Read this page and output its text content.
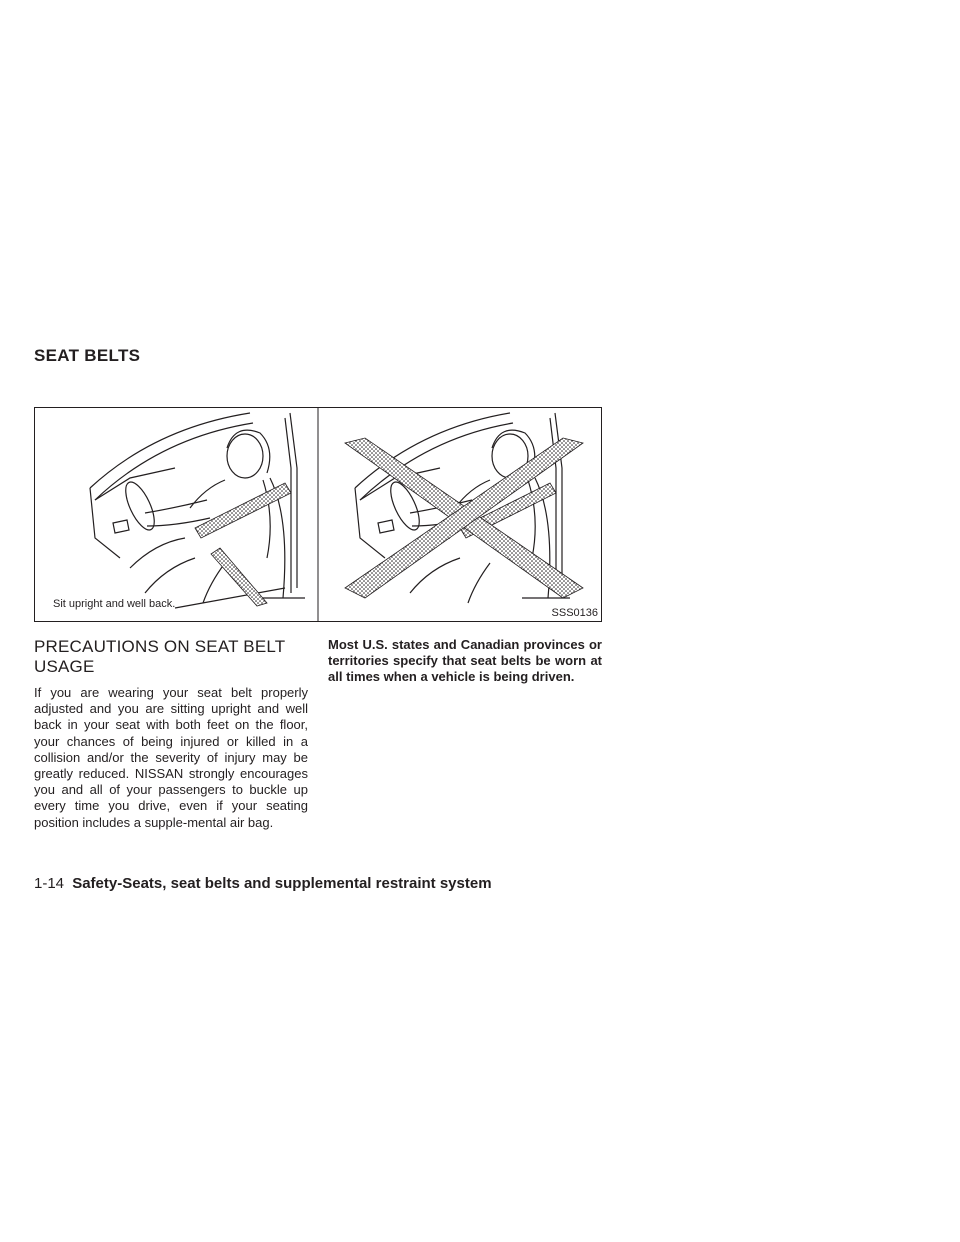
SEAT BELTS
Sit upright and well back.
SSS0136
PRECAUTIONS ON SEAT BELT USAGE

If you are wearing your seat belt properly adjusted and you are sitting upright and well back in your seat with both feet on the floor, your chances of being injured or killed in a collision and/or the severity of injury may be greatly reduced. NISSAN strongly encourages you and all of your passengers to buckle up every time you drive, even if your seating position includes a supple-mental air bag.

Most U.S. states and Canadian provinces or territories specify that seat belts be worn at all times when a vehicle is being driven.

1-14 Safety-Seats, seat belts and supplemental restraint system
